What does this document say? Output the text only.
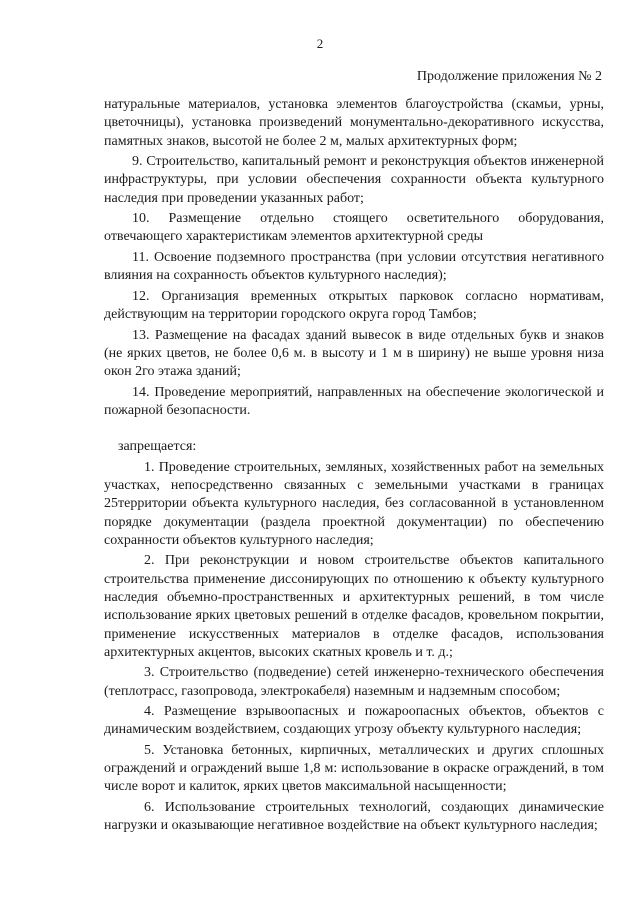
2
Продолжение приложения № 2

натуральные материалов, установка элементов благоустройства (скамьи, урны, цветочницы), установка произведений монументально-декоративного искусства, памятных знаков, высотой не более 2 м, малых архитектурных форм;

9. Строительство, капитальный ремонт и реконструкция объектов инженерной инфраструктуры, при условии обеспечения сохранности объекта культурного наследия при проведении указанных работ;

10. Размещение отдельно стоящего осветительного оборудования, отвечающего характеристикам элементов архитектурной среды

11. Освоение подземного пространства (при условии отсутствия негативного влияния на сохранность объектов культурного наследия);

12. Организация временных открытых парковок согласно нормативам, действующим на территории городского округа город Тамбов;

13. Размещение на фасадах зданий вывесок в виде отдельных букв и знаков (не ярких цветов, не более 0,6 м. в высоту и 1 м в ширину) не выше уровня низа окон 2го этажа зданий;

14. Проведение мероприятий, направленных на обеспечение экологической и пожарной безопасности.

запрещается:

1. Проведение строительных, земляных, хозяйственных работ на земельных участках, непосредственно связанных с земельными участками в границах 25территории объекта культурного наследия, без согласованной в установленном порядке документации (раздела проектной документации) по обеспечению сохранности объектов культурного наследия;

2. При реконструкции и новом строительстве объектов капитального строительства применение диссонирующих по отношению к объекту культурного наследия объемно-пространственных и архитектурных решений, в том числе использование ярких цветовых решений в отделке фасадов, кровельном покрытии, применение искусственных материалов в отделке фасадов, использования архитектурных акцентов, высоких скатных кровель и т. д.;

3. Строительство (подведение) сетей инженерно-технического обеспечения (теплотрасс, газопровода, электрокабеля) наземным и надземным способом;

4. Размещение взрывоопасных и пожароопасных объектов, объектов с динамическим воздействием, создающих угрозу объекту культурного наследия;

5. Установка бетонных, кирпичных, металлических и других сплошных ограждений и ограждений выше 1,8 м: использование в окраске ограждений, в том числе ворот и калиток, ярких цветов максимальной насыщенности;

6. Использование строительных технологий, создающих динамические нагрузки и оказывающие негативное воздействие на объект культурного наследия;
